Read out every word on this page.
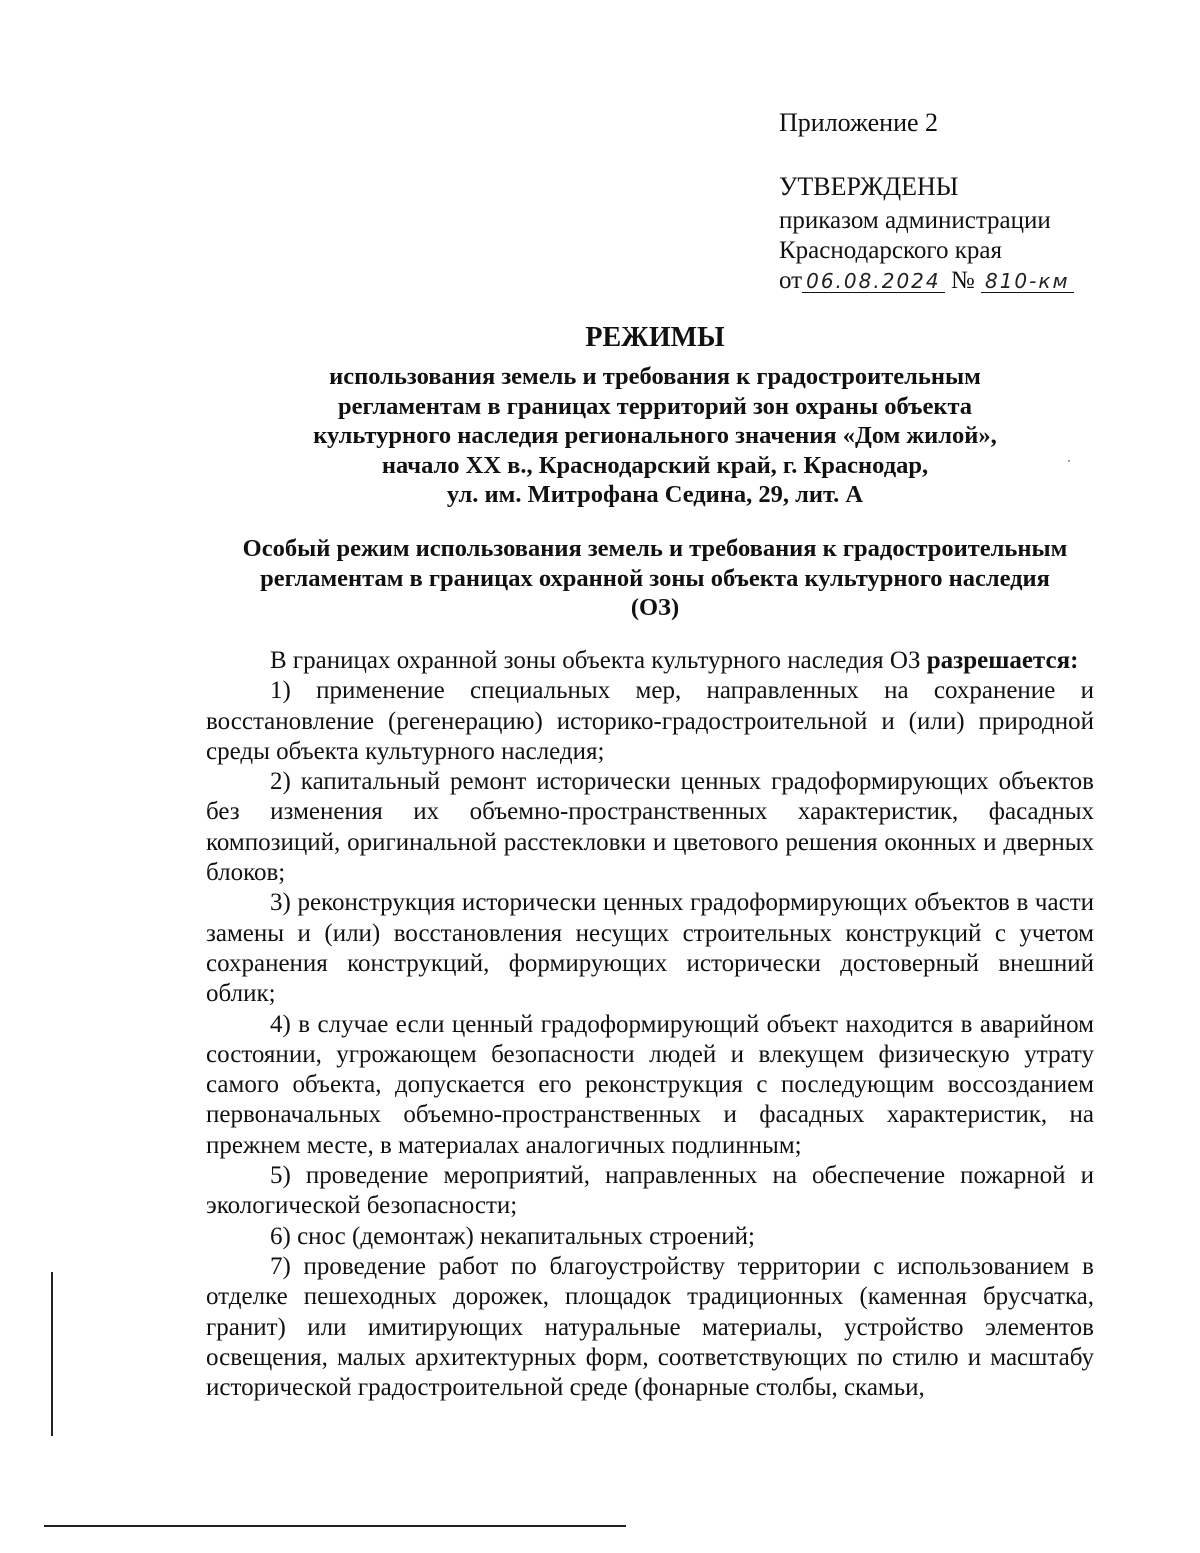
Приложение 2
УТВЕРЖДЕНЫ
приказом администрации
Краснодарского края
от 06.08.2024 № 810-км
РЕЖИМЫ
использования земель и требования к градостроительным
регламентам в границах территорий зон охраны объекта
культурного наследия регионального значения «Дом жилой»,
начало XX в., Краснодарский край, г. Краснодар,
ул. им. Митрофана Седина, 29, лит. А
Особый режим использования земель и требования к градостроительным
регламентам в границах охранной зоны объекта культурного наследия
(ОЗ)

В границах охранной зоны объекта культурного наследия ОЗ разрешается:

1) применение специальных мер, направленных на сохранение и восстановление (регенерацию) историко-градостроительной и (или) природной среды объекта культурного наследия;

2) капитальный ремонт исторически ценных градоформирующих объектов без изменения их объемно-пространственных характеристик, фасадных композиций, оригинальной расстекловки и цветового решения оконных и дверных блоков;

3) реконструкция исторически ценных градоформирующих объектов в части замены и (или) восстановления несущих строительных конструкций с учетом сохранения конструкций, формирующих исторически достоверный внешний облик;

4) в случае если ценный градоформирующий объект находится в аварийном состоянии, угрожающем безопасности людей и влекущем физическую утрату самого объекта, допускается его реконструкция с последующим воссозданием первоначальных объемно-пространственных и фасадных характеристик, на прежнем месте, в материалах аналогичных подлинным;

5) проведение мероприятий, направленных на обеспечение пожарной и экологической безопасности;

6) снос (демонтаж) некапитальных строений;

7) проведение работ по благоустройству территории с использованием в отделке пешеходных дорожек, площадок традиционных (каменная брусчатка, гранит) или имитирующих натуральные материалы, устройство элементов освещения, малых архитектурных форм, соответствующих по стилю и масштабу исторической градостроительной среде (фонарные столбы, скамьи,
